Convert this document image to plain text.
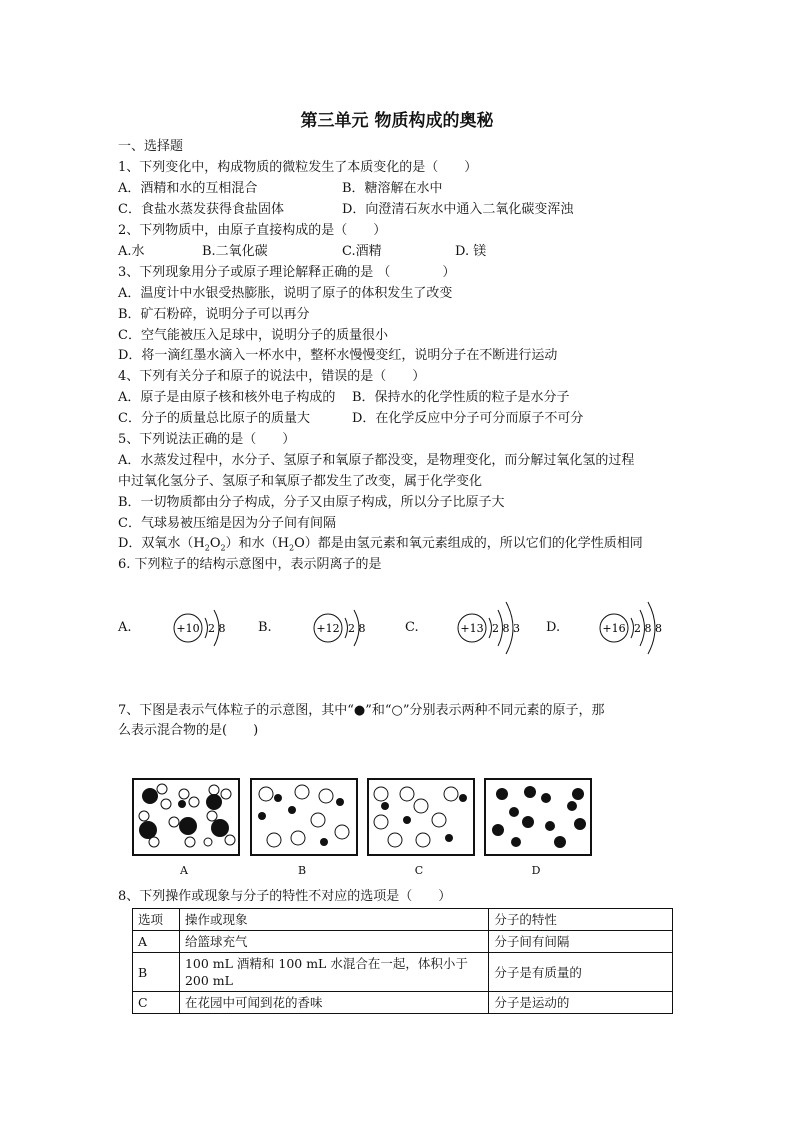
第三单元 物质构成的奥秘
一、选择题
1、下列变化中，构成物质的微粒发生了本质变化的是（　　）
A．酒精和水的互相混合	B．糖溶解在水中
C．食盐水蒸发获得食盐固体	D．向澄清石灰水中通入二氧化碳变浑浊
2、下列物质中，由原子直接构成的是（　　）
A.水	B.二氧化碳	C.酒精	D. 镁
3、下列现象用分子或原子理论解释正确的是 （　　　　）
A．温度计中水银受热膨胀，说明了原子的体积发生了改变
B．矿石粉碎，说明分子可以再分
C．空气能被压入足球中，说明分子的质量很小
D．将一滴红墨水滴入一杯水中，整杯水慢慢变红，说明分子在不断进行运动
4、下列有关分子和原子的说法中，错误的是（　　）
A．原子是由原子核和核外电子构成的 B．保持水的化学性质的粒子是水分子
C．分子的质量总比原子的质量大	D．在化学反应中分子可分而原子不可分
5、下列说法正确的是（　　）
A．水蒸发过程中，水分子、氢原子和氧原子都没变，是物理变化，而分解过氧化氢的过程
中过氧化氢分子、氢原子和氧原子都发生了改变，属于化学变化
B．一切物质都由分子构成，分子又由原子构成，所以分子比原子大
C．气球易被压缩是因为分子间有间隔
D．双氧水$(H_2O_2)$和水$(H_2O)$都是由氢元素和氧元素组成的，所以它们的化学性质相同
6. 下列粒子的结构示意图中，表示阴离子的是
A.	+10 2 8	B.	+12 2 8	C.	+13 2 8 3 D.	+16 2 8 8
7、下图是表示气体粒子的示意图，其中“●”和“○”分别表示两种不同元素的原子，那
么表示混合物的是(　　)
A	B	C	D
8、下列操作或现象与分子的特性不对应的选项是（　　）
选项	操作或现象	分子的特性
A	给篮球充气	分子间有间隔
B	100 mL 酒精和 100 mL 水混合在一起，体积小于
200 mL	分子是有质量的
C	在花园中可闻到花的香味	分子是运动的
